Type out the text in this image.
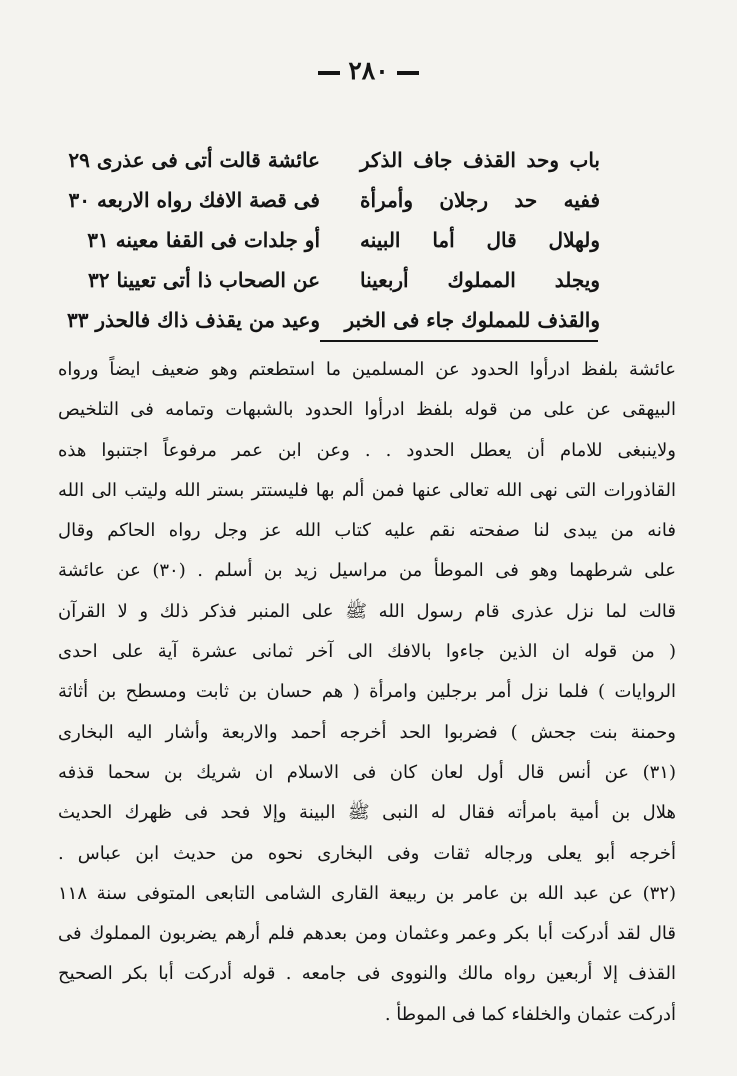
٢٨٠
باب وحد القذف جاف الذكر
ففيه حد رجلان وأمرأة
ولهلال قال أما البينه
ويجلد المملوك أربعينا
والقذف للمملوك جاء فى الخبر
عائشة قالت أتى فى عذرى ٢٩
فى قصة الافك رواه الاربعه ٣٠
أو جلدات فى القفا معينه ٣١
عن الصحاب ذا أتى تعيينا ٣٢
وعيد من يقذف ذاك فالحذر ٣٣
عائشة بلفظ ادرأوا الحدود عن المسلمين ما استطعتم وهو ضعيف ايضاً ورواه
البيهقى عن على من قوله بلفظ ادرأوا الحدود بالشبهات وتمامه فى التلخيص
ولاينبغى للامام أن يعطل الحدود . . وعن ابن عمر مرفوعاً اجتنبوا هذه
القاذورات التى نهى الله تعالى عنها فمن ألم بها فليستتر بستر الله وليتب الى الله
فانه من يبدى لنا صفحته نقم عليه كتاب الله عز وجل رواه الحاكم وقال
على شرطهما وهو فى الموطأ من مراسيل زيد بن أسلم . (٣٠) عن عائشة
قالت لما نزل عذرى قام رسول الله ﷺ على المنبر فذكر ذلك و لا القرآن
( من قوله ان الذين جاءوا بالافك الى آخر ثمانى عشرة آية على احدى
الروايات ) فلما نزل أمر برجلين وامرأة ( هم حسان بن ثابت ومسطح بن أثاثة
وحمنة بنت جحش ) فضربوا الحد أخرجه أحمد والاربعة وأشار اليه البخارى
(٣١) عن أنس قال أول لعان كان فى الاسلام ان شريك بن سحما قذفه
هلال بن أمية بامرأته فقال له النبى ﷺ البينة وإلا فحد فى ظهرك الحديث
أخرجه أبو يعلى ورجاله ثقات وفى البخارى نحوه من حديث ابن عباس .
(٣٢) عن عبد الله بن عامر بن ربيعة القارى الشامى التابعى المتوفى سنة ١١٨
قال لقد أدركت أبا بكر وعمر وعثمان ومن بعدهم فلم أرهم يضربون المملوك فى
القذف إلا أربعين رواه مالك والنووى فى جامعه . قوله أدركت أبا بكر الصحيح
أدركت عثمان والخلفاء كما فى الموطأ .
